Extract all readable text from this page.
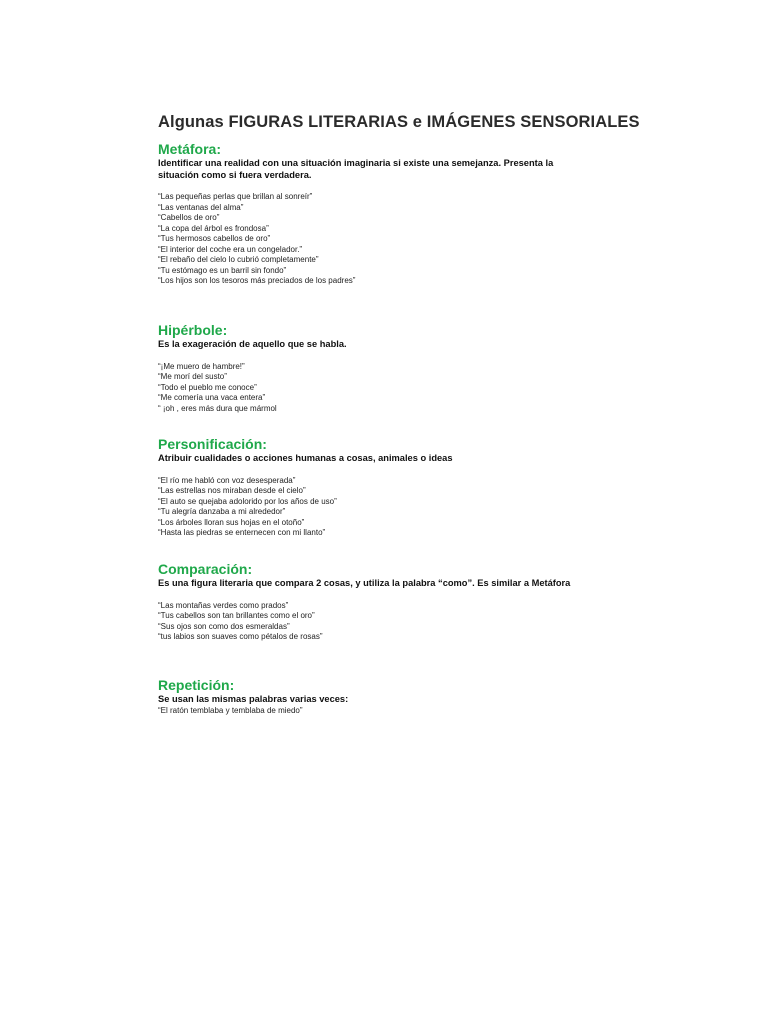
Algunas FIGURAS LITERARIAS e IMÁGENES SENSORIALES
Metáfora:

Identificar una realidad con una situación imaginaria si existe una semejanza. Presenta la situación como si fuera verdadera.

“Las pequeñas perlas que brillan al sonreír”
“Las ventanas del alma”
“Cabellos de oro”
“La copa del árbol es frondosa”
“Tus hermosos cabellos de oro”
“El interior del coche era un congelador.”
“El rebaño del cielo lo cubrió completamente”
“Tu estómago es un barril sin fondo”
“Los hijos son los tesoros más preciados de los padres”
Hipérbole:

Es la exageración de aquello que se habla.

“¡Me muero de hambre!”
“Me morí del susto”
“Todo el pueblo me conoce”
“Me comería una vaca entera”
“ ¡oh , eres más dura que mármol
Personificación:

Atribuir cualidades o acciones humanas a cosas, animales o ideas

“El río me habló con voz desesperada”
“Las estrellas nos miraban desde el cielo”
“El auto se quejaba adolorido por los años de uso”
“Tu alegría danzaba a mi alrededor”
“Los árboles lloran sus hojas en el otoño”
“Hasta las piedras se enternecen con mi llanto”
Comparación:

Es una figura literaria que compara 2 cosas, y utiliza la palabra “como”. Es similar a Metáfora

“Las montañas verdes como prados”
“Tus cabellos son tan brillantes como el oro”
“Sus ojos son como dos esmeraldas”
“tus labios son suaves como pétalos de rosas”
Repetición:

Se usan las mismas palabras varias veces:

“El ratón temblaba y temblaba de miedo”
